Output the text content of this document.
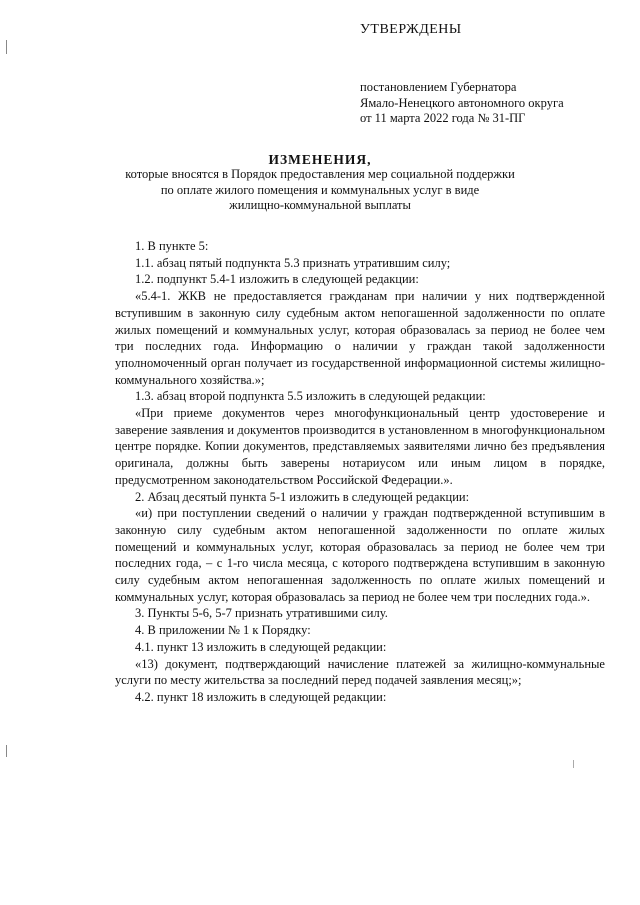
УТВЕРЖДЕНЫ
постановлением Губернатора
Ямало-Ненецкого автономного округа
от 11 марта 2022 года № 31-ПГ
ИЗМЕНЕНИЯ,
которые вносятся в Порядок предоставления мер социальной поддержки
по оплате жилого помещения и коммунальных услуг в виде
жилищно-коммунальной выплаты

1. В пункте 5:

1.1. абзац пятый подпункта 5.3 признать утратившим силу;

1.2. подпункт 5.4-1 изложить в следующей редакции:

«5.4-1. ЖКВ не предоставляется гражданам при наличии у них подтвержденной вступившим в законную силу судебным актом непогашенной задолженности по оплате жилых помещений и коммунальных услуг, которая образовалась за период не более чем три последних года. Информацию о наличии у граждан такой задолженности уполномоченный орган получает из государственной информационной системы жилищно-коммунального хозяйства.»;

1.3. абзац второй подпункта 5.5 изложить в следующей редакции:

«При приеме документов через многофункциональный центр удостоверение и заверение заявления и документов производится в установленном в многофункциональном центре порядке. Копии документов, представляемых заявителями лично без предъявления оригинала, должны быть заверены нотариусом или иным лицом в порядке, предусмотренном законодательством Российской Федерации.».

2. Абзац десятый пункта 5-1 изложить в следующей редакции:

«и) при поступлении сведений о наличии у граждан подтвержденной вступившим в законную силу судебным актом непогашенной задолженности по оплате жилых помещений и коммунальных услуг, которая образовалась за период не более чем три последних года, – с 1-го числа месяца, с которого подтверждена вступившим в законную силу судебным актом непогашенная задолженность по оплате жилых помещений и коммунальных услуг, которая образовалась за период не более чем три последних года.».

3. Пункты 5-6, 5-7 признать утратившими силу.

4. В приложении № 1 к Порядку:

4.1. пункт 13 изложить в следующей редакции:

«13) документ, подтверждающий начисление платежей за жилищно-коммунальные услуги по месту жительства за последний перед подачей заявления месяц;»;

4.2. пункт 18 изложить в следующей редакции:
